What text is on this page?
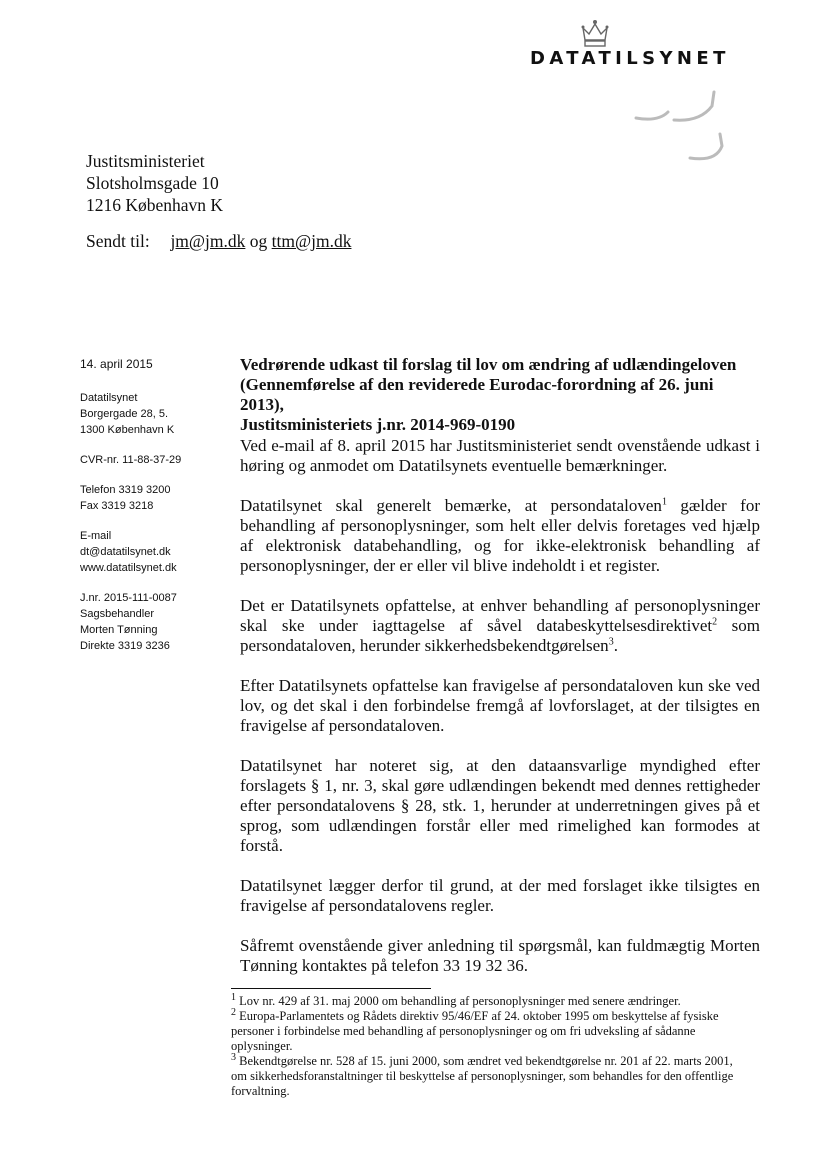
DATATILSYNET
Justitsministeriet
Slotsholmsgade 10
1216 København K
Sendt til: jm@jm.dk og ttm@jm.dk
14. april 2015
Datatilsynet
Borgergade 28, 5.
1300 København K
CVR-nr. 11-88-37-29
Telefon 3319 3200
Fax 3319 3218
E-mail
dt@datatilsynet.dk
www.datatilsynet.dk
J.nr. 2015-111-0087
Sagsbehandler
Morten Tønning
Direkte 3319 3236
Vedrørende udkast til forslag til lov om ændring af udlændingeloven
(Gennemførelse af den reviderede Eurodac-forordning af 26. juni 2013),
Justitsministeriets j.nr. 2014-969-0190

Ved e-mail af 8. april 2015 har Justitsministeriet sendt ovenstående udkast i høring og anmodet om Datatilsynets eventuelle bemærkninger.

Datatilsynet skal generelt bemærke, at persondataloven$^1$ gælder for behandling af personoplysninger, som helt eller delvis foretages ved hjælp af elektronisk databehandling, og for ikke-elektronisk behandling af personoplysninger, der er eller vil blive indeholdt i et register.

Det er Datatilsynets opfattelse, at enhver behandling af personoplysninger skal ske under iagttagelse af såvel databeskyttelsesdirektivet$^2$ som persondataloven, herunder sikkerhedsbekendtgørelsen$^3$.

Efter Datatilsynets opfattelse kan fravigelse af persondataloven kun ske ved lov, og det skal i den forbindelse fremgå af lovforslaget, at der tilsigtes en fravigelse af persondataloven.

Datatilsynet har noteret sig, at den dataansvarlige myndighed efter forslagets § 1, nr. 3, skal gøre udlændingen bekendt med dennes rettigheder efter persondatalovens § 28, stk. 1, herunder at underretningen gives på et sprog, som udlændingen forstår eller med rimelighed kan formodes at forstå.

Datatilsynet lægger derfor til grund, at der med forslaget ikke tilsigtes en fravigelse af persondatalovens regler.

Såfremt ovenstående giver anledning til spørgsmål, kan fuldmægtig Morten Tønning kontaktes på telefon 33 19 32 36.

$^1$ Lov nr. 429 af 31. maj 2000 om behandling af personoplysninger med senere ændringer.
$^2$ Europa-Parlamentets og Rådets direktiv 95/46/EF af 24. oktober 1995 om beskyttelse af fysiske personer i forbindelse med behandling af personoplysninger og om fri udveksling af sådanne oplysninger.
$^3$ Bekendtgørelse nr. 528 af 15. juni 2000, som ændret ved bekendtgørelse nr. 201 af 22. marts 2001, om sikkerhedsforanstaltninger til beskyttelse af personoplysninger, som behandles for den offentlige forvaltning.
